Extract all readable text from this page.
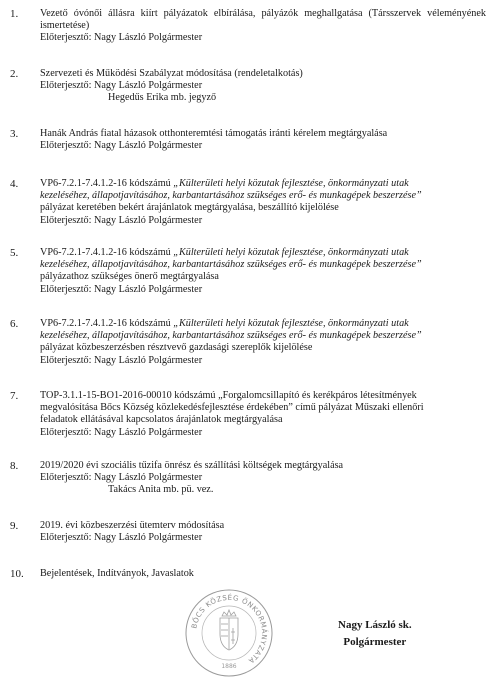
1. Vezető óvónői állásra kiírt pályázatok elbírálása, pályázók meghallgatása (Társszervek véleményének ismertetése)
Előterjesztő: Nagy László Polgármester
2. Szervezeti és Működési Szabályzat módosítása (rendeletalkotás)
Előterjesztő: Nagy László Polgármester
Hegedűs Erika mb. jegyző
3. Hanák András fiatal házasok otthonteremtési támogatás iránti kérelem megtárgyalása
Előterjesztő: Nagy László Polgármester
4. VP6-7.2.1-7.4.1.2-16 kódszámú „Külterületi helyi közutak fejlesztése, önkormányzati utak
kezeléséhez, állapotjavításához, karbantartásához szükséges erő- és munkagépek beszerzése”
pályázat keretében bekért árajánlatok megtárgyalása, beszállító kijelölése
Előterjesztő: Nagy László Polgármester
5. VP6-7.2.1-7.4.1.2-16 kódszámú „Külterületi helyi közutak fejlesztése, önkormányzati utak
kezeléséhez, állapotjavításához, karbantartásához szükséges erő- és munkagépek beszerzése”
pályázathoz szükséges önerő megtárgyalása
Előterjesztő: Nagy László Polgármester
6. VP6-7.2.1-7.4.1.2-16 kódszámú „Külterületi helyi közutak fejlesztése, önkormányzati utak
kezeléséhez, állapotjavításához, karbantartásához szükséges erő- és munkagépek beszerzése”
pályázat közbeszerzésben résztvevő gazdasági szereplők kijelölése
Előterjesztő: Nagy László Polgármester
7. TOP-3.1.1-15-BO1-2016-00010 kódszámú „Forgalomcsillapító és kerékpáros létesítmények
megvalósítása Bőcs Község közlekedésfejlesztése érdekében” című pályázat Műszaki ellenőri
feladatok ellátásával kapcsolatos árajánlatok megtárgyalása
Előterjesztő: Nagy László Polgármester
8. 2019/2020 évi szociális tűzifa önrész és szállítási költségek megtárgyalása
Előterjesztő: Nagy László Polgármester
Takács Anita mb. pü. vez.
9. 2019. évi közbeszerzési ütemterv módosítása
Előterjesztő: Nagy László Polgármester
10. Bejelentések, Indítványok, Javaslatok
BŐCS KÖZSÉG ÖNKORMÁNYZATA
1886
Nagy László sk.
Polgármester
